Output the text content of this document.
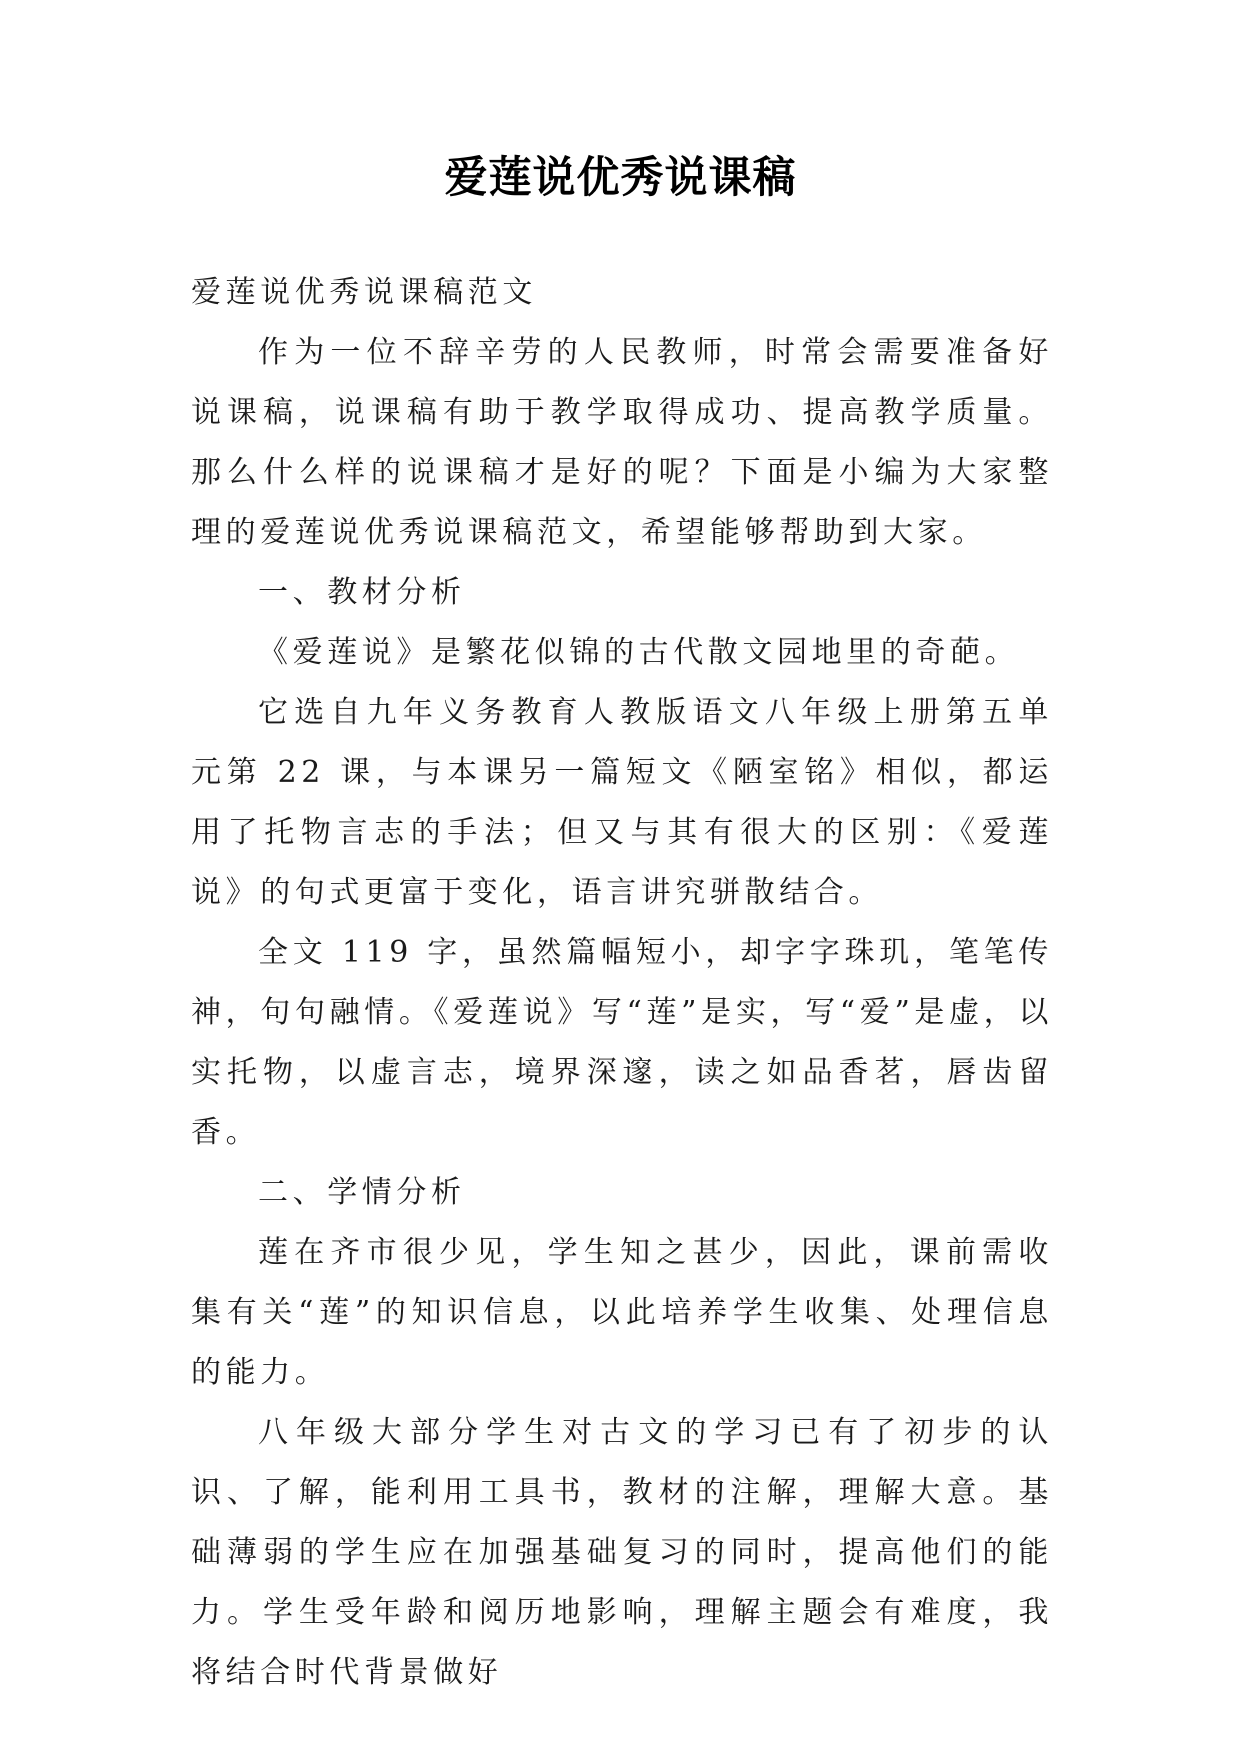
爱莲说优秀说课稿

爱莲说优秀说课稿范文

作为一位不辞辛劳的人民教师，时常会需要准备好说课稿，说课稿有助于教学取得成功、提高教学质量。那么什么样的说课稿才是好的呢？下面是小编为大家整理的爱莲说优秀说课稿范文，希望能够帮助到大家。

一、教材分析

《爱莲说》是繁花似锦的古代散文园地里的奇葩。

它选自九年义务教育人教版语文八年级上册第五单元第 22 课，与本课另一篇短文《陋室铭》相似，都运用了托物言志的手法；但又与其有很大的区别：《爱莲说》的句式更富于变化，语言讲究骈散结合。

全文 119 字，虽然篇幅短小，却字字珠玑，笔笔传神，句句融情。《爱莲说》写“莲”是实，写“爱”是虚，以实托物，以虚言志，境界深邃，读之如品香茗，唇齿留香。

二、学情分析

莲在齐市很少见，学生知之甚少，因此，课前需收集有关“莲”的知识信息，以此培养学生收集、处理信息的能力。

八年级大部分学生对古文的学习已有了初步的认识、了解，能利用工具书，教材的注解，理解大意。基础薄弱的学生应在加强基础复习的同时，提高他们的能力。学生受年龄和阅历地影响，理解主题会有难度，我将结合时代背景做好
